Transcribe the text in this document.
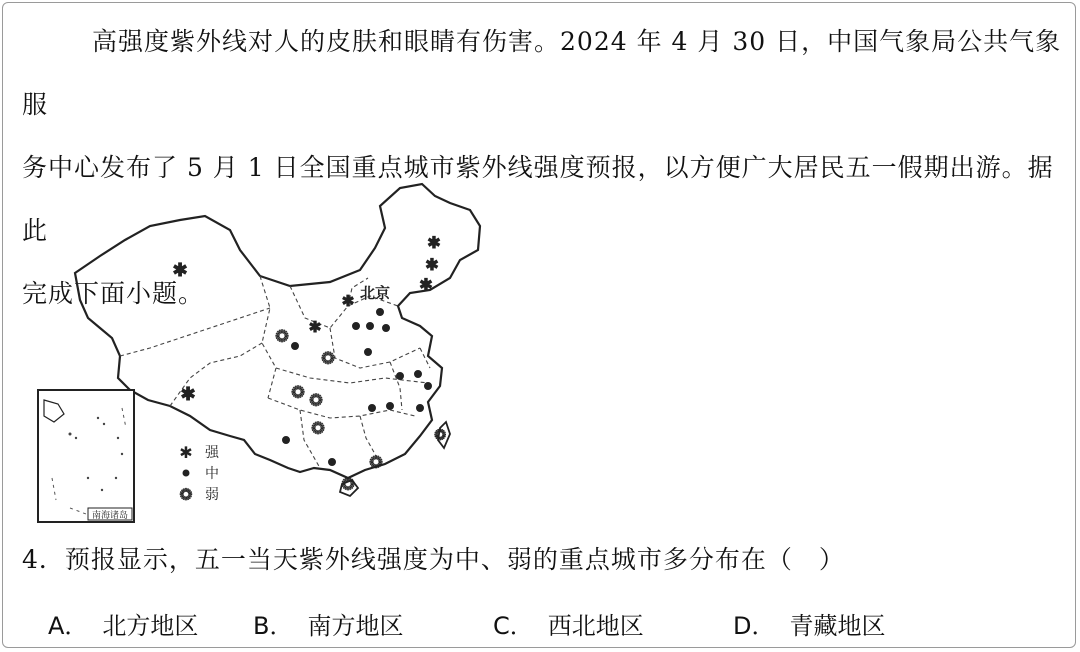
高强度紫外线对人的皮肤和眼睛有伤害。2024 年 4 月 30 日，中国气象局公共气象服

务中心发布了 5 月 1 日全国重点城市紫外线强度预报，以方便广大居民五一假期出游。据此

完成下面小题。	北京
✱
✱
✱
✱
✱
✱
✱
✺
✺
✺ ✺
✺
✺
✺
✺
南海诸岛
✱ 强
中
✺ 弱
4．预报显示，五一当天紫外线强度为中、弱的重点城市多分布在（　）
A． 北方地区 B． 南方地区	C． 西北地区	D． 青藏地区
